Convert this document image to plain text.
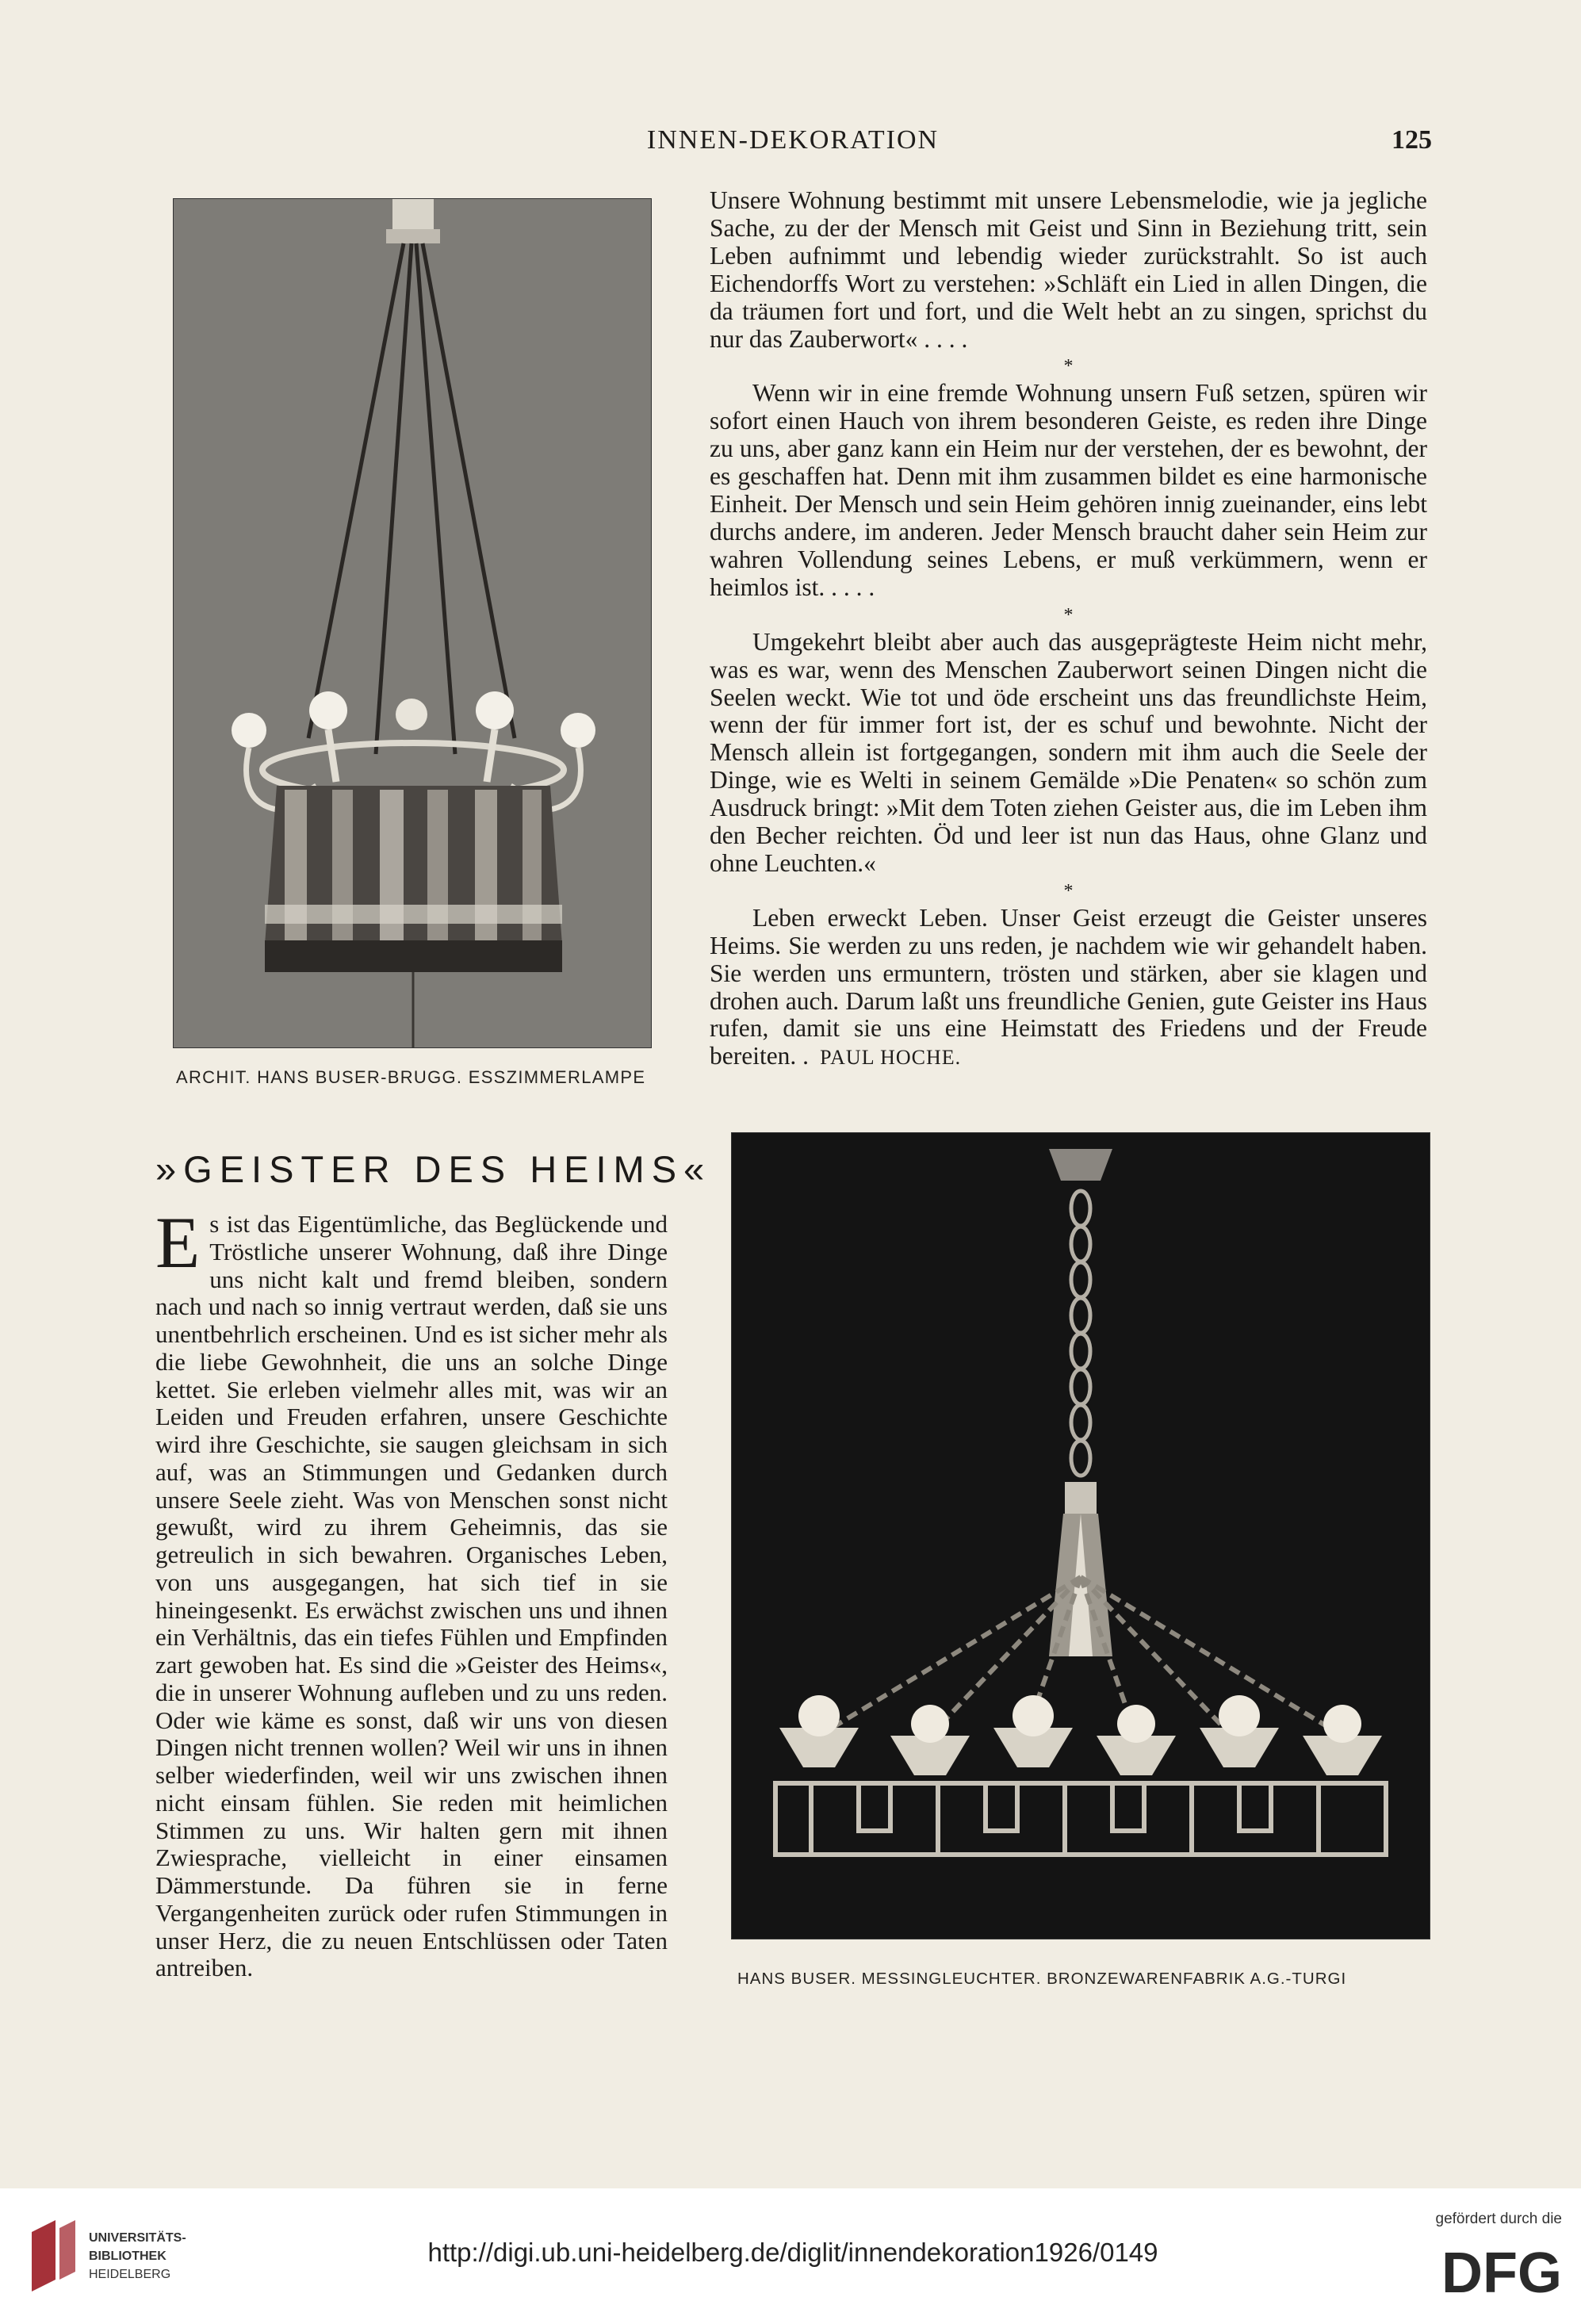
INNEN-DEKORATION	125
ARCHIT. HANS BUSER-BRUGG. ESSZIMMERLAMPE

Unsere Wohnung bestimmt mit unsere Lebensmelodie, wie ja jegliche Sache, zu der der Mensch mit Geist und Sinn in Beziehung tritt, sein Leben aufnimmt und lebendig wieder zurückstrahlt. So ist auch Eichendorffs Wort zu verstehen: »Schläft ein Lied in allen Dingen, die da träumen fort und fort, und die Welt hebt an zu singen, sprichst du nur das Zauberwort« . . . .

*

Wenn wir in eine fremde Wohnung unsern Fuß setzen, spüren wir sofort einen Hauch von ihrem besonderen Geiste, es reden ihre Dinge zu uns, aber ganz kann ein Heim nur der verstehen, der es bewohnt, der es geschaffen hat. Denn mit ihm zusammen bildet es eine harmonische Einheit. Der Mensch und sein Heim gehören innig zueinander, eins lebt durchs andere, im anderen. Jeder Mensch braucht daher sein Heim zur wahren Vollendung seines Lebens, er muß verkümmern, wenn er heimlos ist. . . . .

*

Umgekehrt bleibt aber auch das ausgeprägteste Heim nicht mehr, was es war, wenn des Menschen Zauberwort seinen Dingen nicht die Seelen weckt. Wie tot und öde erscheint uns das freundlichste Heim, wenn der für immer fort ist, der es schuf und bewohnte. Nicht der Mensch allein ist fortgegangen, sondern mit ihm auch die Seele der Dinge, wie es Welti in seinem Gemälde »Die Penaten« so schön zum Ausdruck bringt: »Mit dem Toten ziehen Geister aus, die im Leben ihm den Becher reichten. Öd und leer ist nun das Haus, ohne Glanz und ohne Leuchten.«

*

Leben erweckt Leben. Unser Geist erzeugt die Geister unseres Heims. Sie werden zu uns reden, je nachdem wie wir gehandelt haben. Sie werden uns ermuntern, trösten und stärken, aber sie klagen und drohen auch. Darum laßt uns freundliche Genien, gute Geister ins Haus rufen, damit sie uns eine Heimstatt des Friedens und der Freude bereiten. . PAUL HOCHE.

»GEISTER DES HEIMS«

Es ist das Eigentümliche, das Beglückende und Tröstliche unserer Wohnung, daß ihre Dinge uns nicht kalt und fremd bleiben, sondern nach und nach so innig vertraut werden, daß sie uns unentbehrlich erscheinen. Und es ist sicher mehr als die liebe Gewohnheit, die uns an solche Dinge kettet. Sie erleben vielmehr alles mit, was wir an Leiden und Freuden erfahren, unsere Geschichte wird ihre Geschichte, sie saugen gleichsam in sich auf, was an Stimmungen und Gedanken durch unsere Seele zieht. Was von Menschen sonst nicht gewußt, wird zu ihrem Geheimnis, das sie getreulich in sich bewahren. Organisches Leben, von uns ausgegangen, hat sich tief in sie hineingesenkt. Es erwächst zwischen uns und ihnen ein Verhältnis, das ein tiefes Fühlen und Empfinden zart gewoben hat. Es sind die »Geister des Heims«, die in unserer Wohnung aufleben und zu uns reden. Oder wie käme es sonst, daß wir uns von diesen Dingen nicht trennen wollen? Weil wir uns in ihnen selber wiederfinden, weil wir uns zwischen ihnen nicht einsam fühlen. Sie reden mit heimlichen Stimmen zu uns. Wir halten gern mit ihnen Zwiesprache, vielleicht in einer einsamen Dämmerstunde. Da führen sie in ferne Vergangenheiten zurück oder rufen Stimmungen in unser Herz, die zu neuen Entschlüssen oder Taten antreiben.	HANS BUSER. MESSINGLEUCHTER. BRONZEWARENFABRIK A.G.-TURGI
UNIVERSITÄTS-
BIBLIOTHEK
HEIDELBERG
http://digi.ub.uni-heidelberg.de/diglit/innendekoration1926/0149
gefördert durch die
DFG
